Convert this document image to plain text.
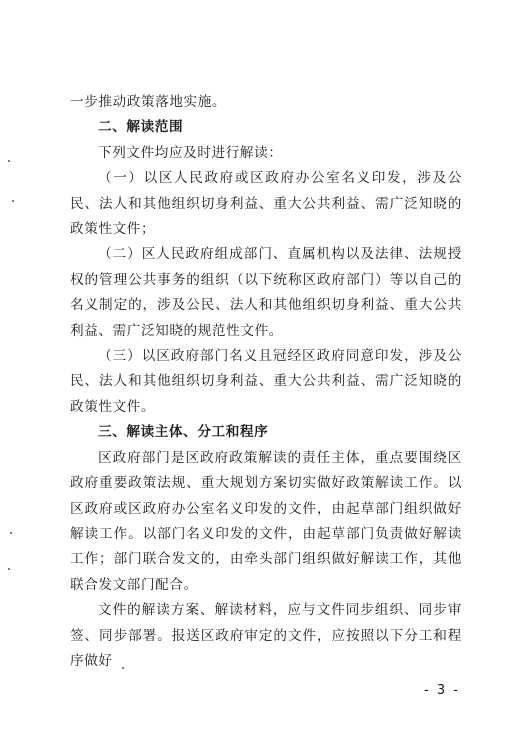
一步推动政策落地实施。

二、解读范围

下列文件均应及时进行解读：

（一）以区人民政府或区政府办公室名义印发，涉及公民、法人和其他组织切身利益、重大公共利益、需广泛知晓的政策性文件；

（二）区人民政府组成部门、直属机构以及法律、法规授权的管理公共事务的组织（以下统称区政府部门）等以自己的名义制定的，涉及公民、法人和其他组织切身利益、重大公共利益、需广泛知晓的规范性文件。

（三）以区政府部门名义且冠经区政府同意印发，涉及公民、法人和其他组织切身利益、重大公共利益、需广泛知晓的政策性文件。

三、解读主体、分工和程序

区政府部门是区政府政策解读的责任主体，重点要围绕区政府重要政策法规、重大规划方案切实做好政策解读工作。以区政府或区政府办公室名义印发的文件，由起草部门组织做好解读工作。以部门名义印发的文件，由起草部门负责做好解读工作；部门联合发文的，由牵头部门组织做好解读工作，其他联合发文部门配合。

文件的解读方案、解读材料，应与文件同步组织、同步审签、同步部署。报送区政府审定的文件，应按照以下分工和程序做好

- 3 -
